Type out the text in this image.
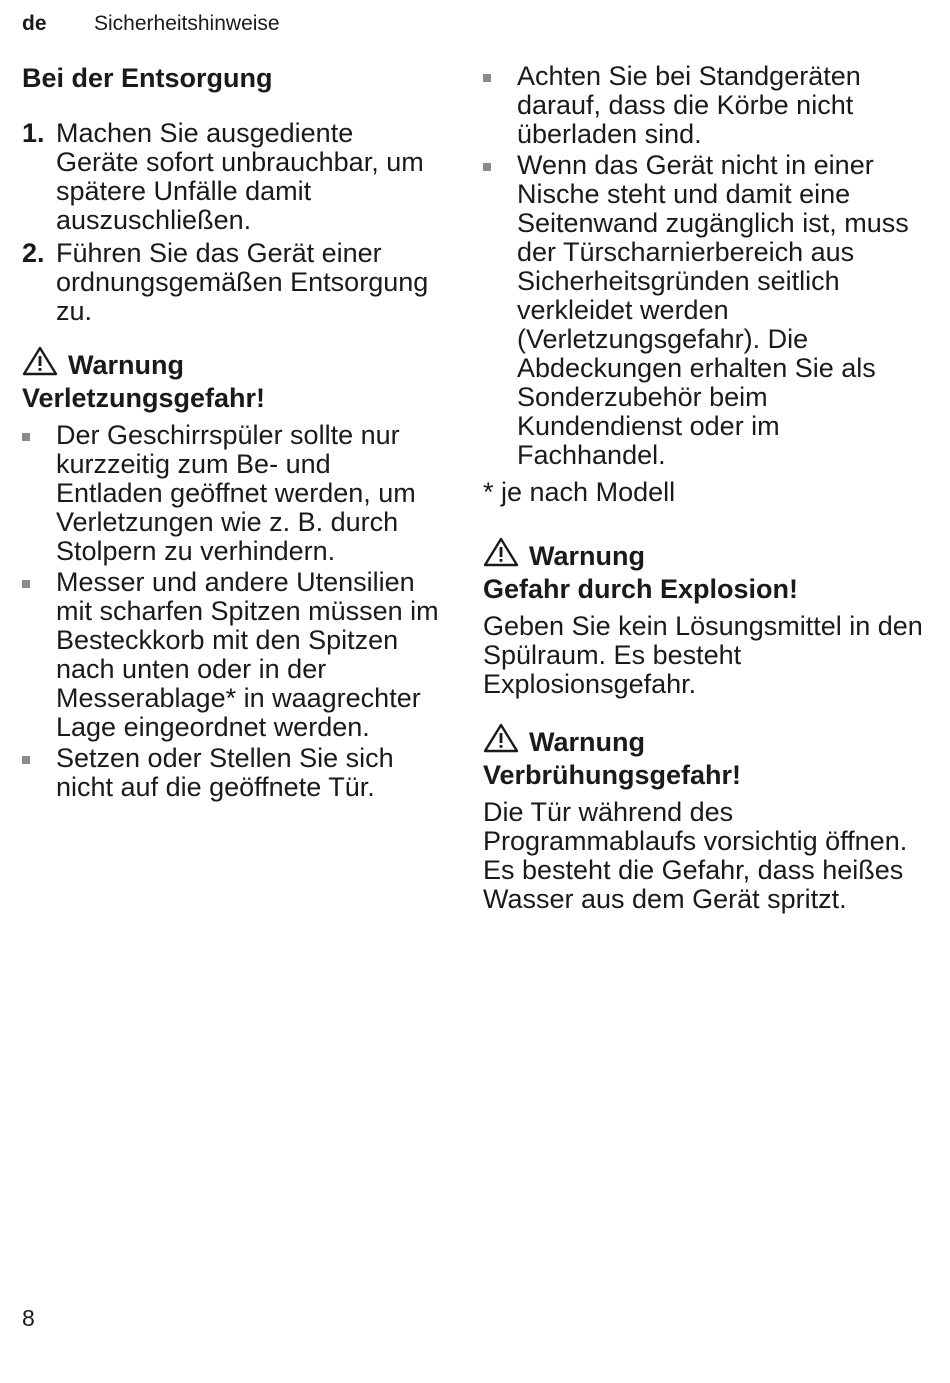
de Sicherheitshinweise
Bei der Entsorgung
1. Machen Sie ausgediente Geräte sofort unbrauchbar, um spätere Unfälle damit auszuschließen.
2. Führen Sie das Gerät einer ordnungsgemäßen Entsorgung zu.
Warnung
Verletzungsgefahr!
Der Geschirrspüler sollte nur kurzzeitig zum Be- und Entladen geöffnet werden, um Verletzungen wie z. B. durch Stolpern zu verhindern.
Messer und andere Utensilien mit scharfen Spitzen müssen im Besteckkorb mit den Spitzen nach unten oder in der Messerablage* in waagrechter Lage eingeordnet werden.
Setzen oder Stellen Sie sich nicht auf die geöffnete Tür.
Achten Sie bei Standgeräten darauf, dass die Körbe nicht überladen sind.
Wenn das Gerät nicht in einer Nische steht und damit eine Seitenwand zugänglich ist, muss der Türscharnierbereich aus Sicherheitsgründen seitlich verkleidet werden (Verletzungsgefahr). Die Abdeckungen erhalten Sie als Sonderzubehör beim Kundendienst oder im Fachhandel.
* je nach Modell
Warnung
Gefahr durch Explosion!
Geben Sie kein Lösungsmittel in den Spülraum. Es besteht Explosionsgefahr.
Warnung
Verbrühungsgefahr!
Die Tür während des Programmablaufs vorsichtig öffnen. Es besteht die Gefahr, dass heißes Wasser aus dem Gerät spritzt.
8
